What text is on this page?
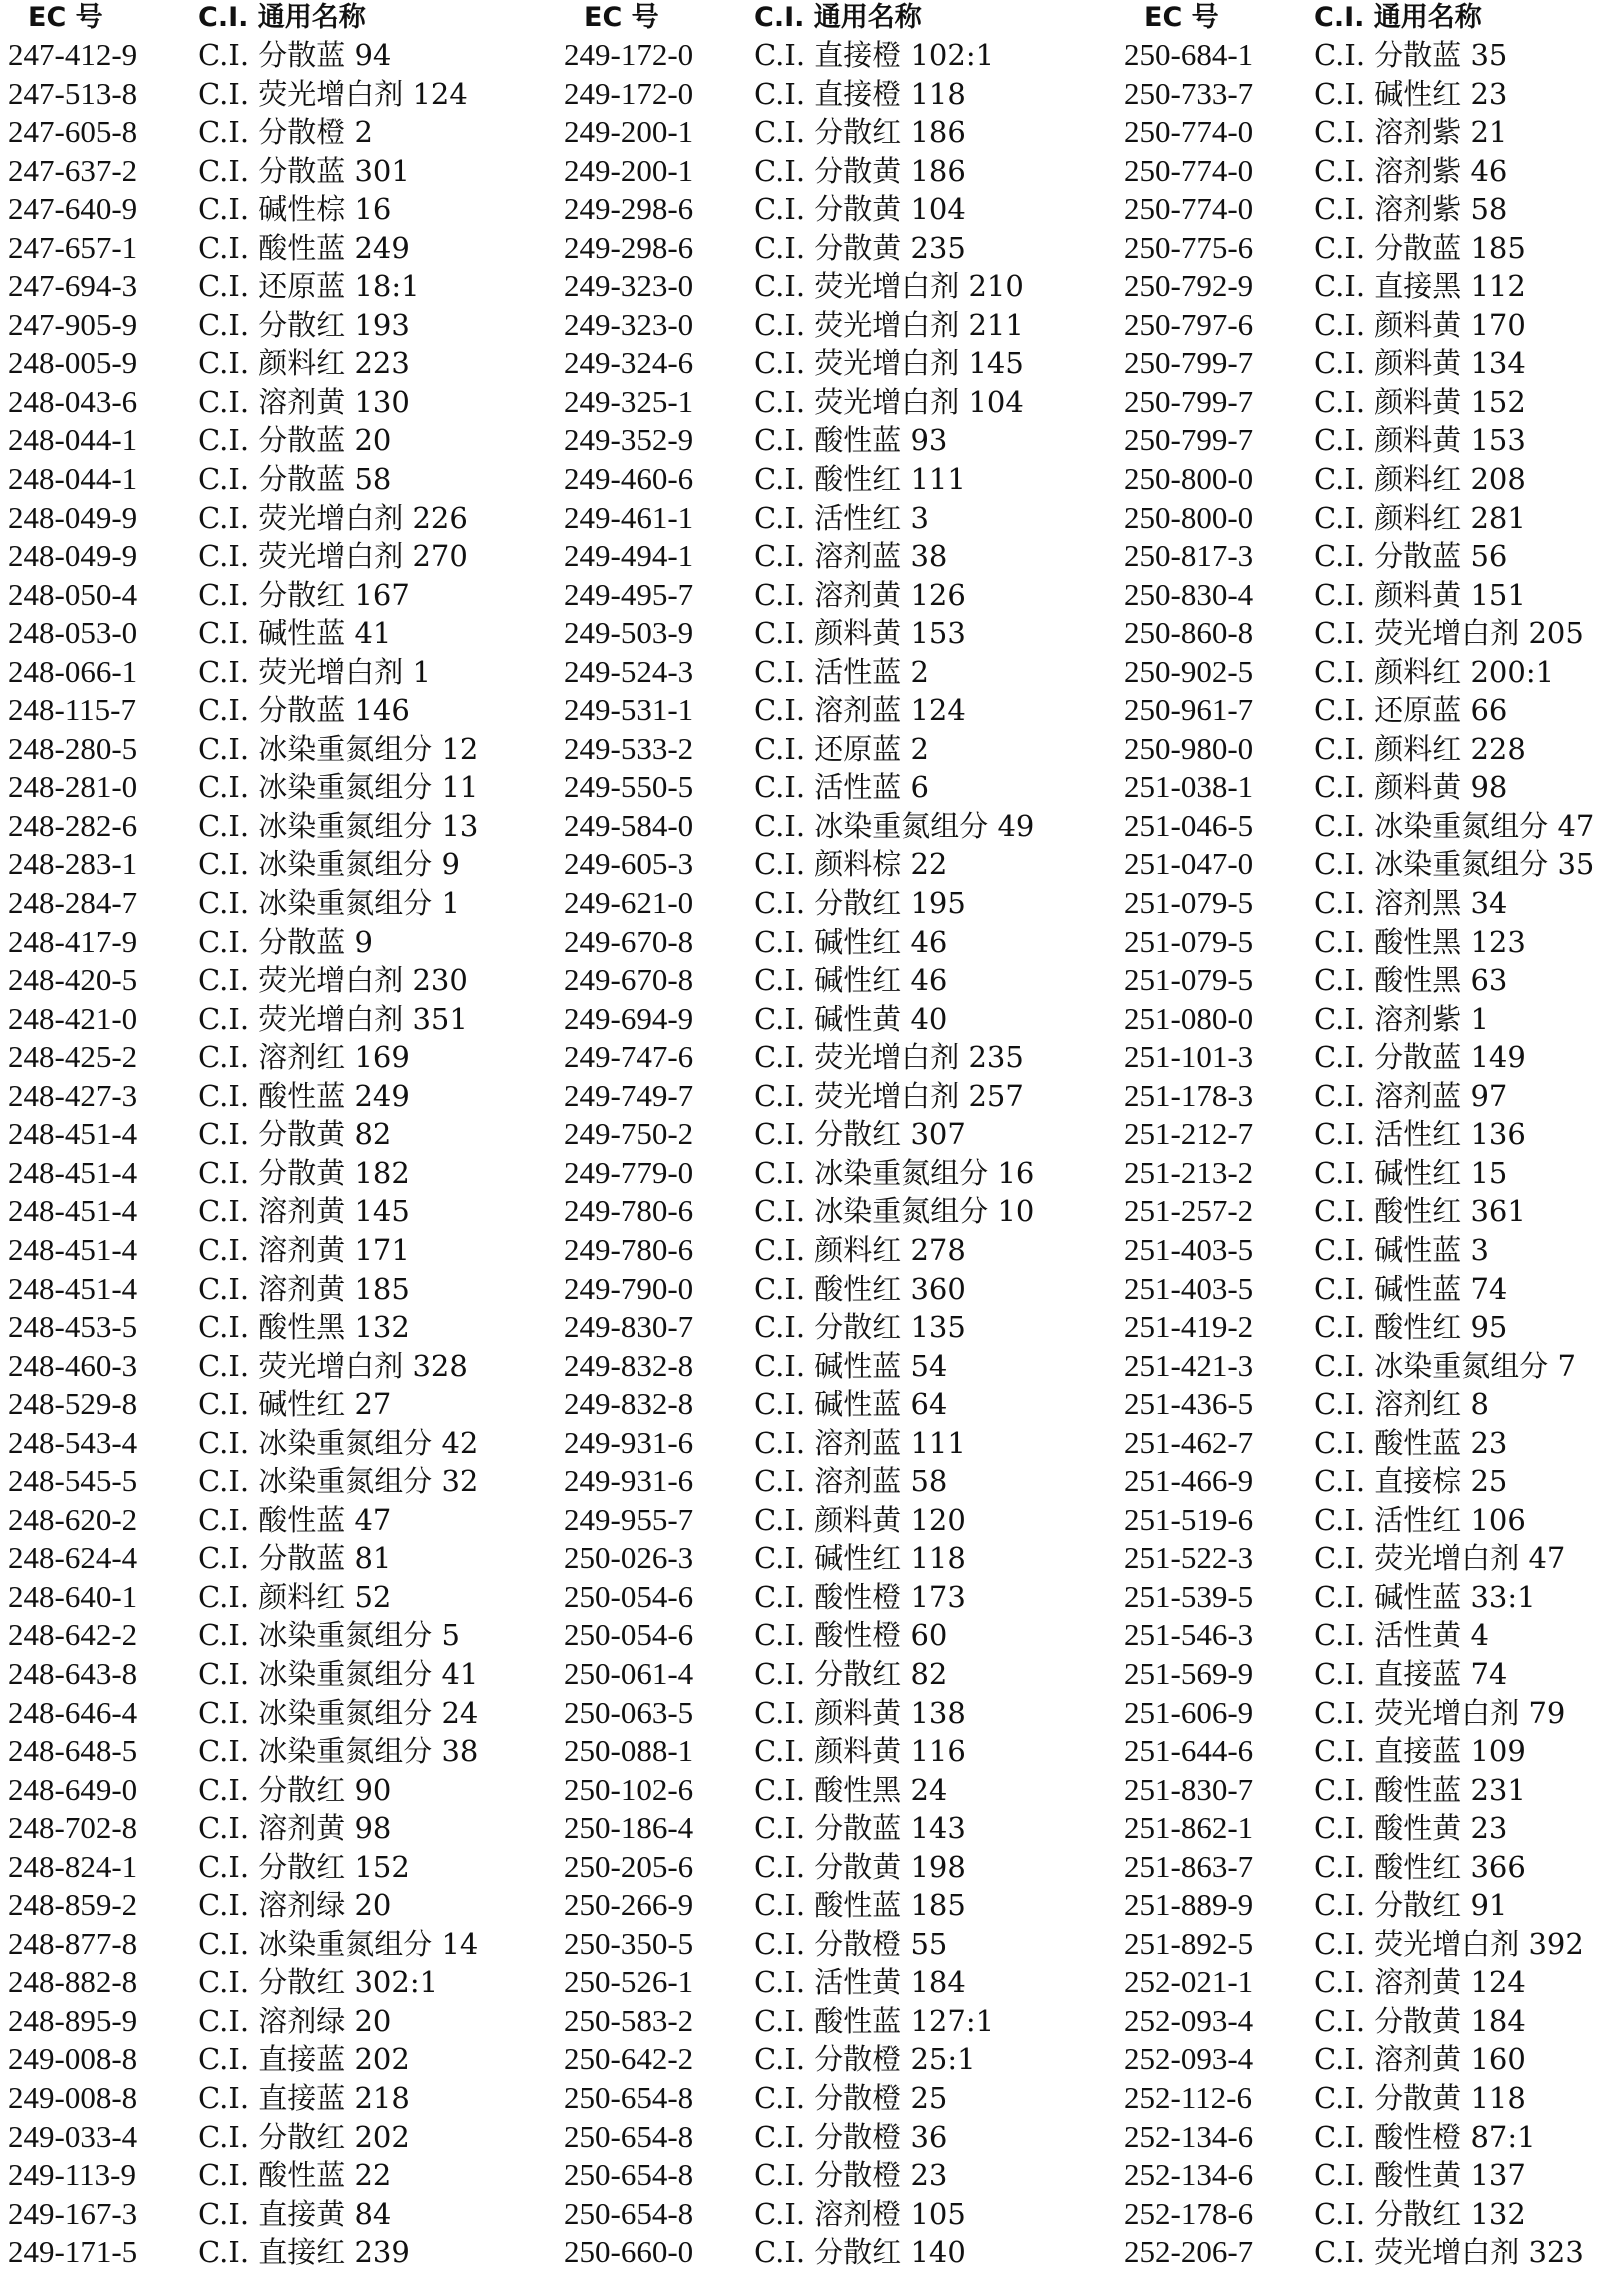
EC 号	C.I. 通用名称
247-412-9 C.I. 分散蓝 94
247-513-8 C.I. 荧光增白剂 124
247-605-8 C.I. 分散橙 2
247-637-2 C.I. 分散蓝 301
247-640-9 C.I. 碱性棕 16
247-657-1 C.I. 酸性蓝 249
247-694-3 C.I. 还原蓝 18:1
247-905-9 C.I. 分散红 193
248-005-9 C.I. 颜料红 223
248-043-6 C.I. 溶剂黄 130
248-044-1 C.I. 分散蓝 20
248-044-1 C.I. 分散蓝 58
248-049-9 C.I. 荧光增白剂 226
248-049-9 C.I. 荧光增白剂 270
248-050-4 C.I. 分散红 167
248-053-0 C.I. 碱性蓝 41
248-066-1 C.I. 荧光增白剂 1
248-115-7 C.I. 分散蓝 146
248-280-5 C.I. 冰染重氮组分 12
248-281-0 C.I. 冰染重氮组分 11
248-282-6 C.I. 冰染重氮组分 13
248-283-1 C.I. 冰染重氮组分 9
248-284-7 C.I. 冰染重氮组分 1
248-417-9 C.I. 分散蓝 9
248-420-5 C.I. 荧光增白剂 230
248-421-0 C.I. 荧光增白剂 351
248-425-2 C.I. 溶剂红 169
248-427-3 C.I. 酸性蓝 249
248-451-4 C.I. 分散黄 82
248-451-4 C.I. 分散黄 182
248-451-4 C.I. 溶剂黄 145
248-451-4 C.I. 溶剂黄 171
248-451-4 C.I. 溶剂黄 185
248-453-5 C.I. 酸性黑 132
248-460-3 C.I. 荧光增白剂 328
248-529-8 C.I. 碱性红 27
248-543-4 C.I. 冰染重氮组分 42
248-545-5 C.I. 冰染重氮组分 32
248-620-2 C.I. 酸性蓝 47
248-624-4 C.I. 分散蓝 81
248-640-1 C.I. 颜料红 52
248-642-2 C.I. 冰染重氮组分 5
248-643-8 C.I. 冰染重氮组分 41
248-646-4 C.I. 冰染重氮组分 24
248-648-5 C.I. 冰染重氮组分 38
248-649-0 C.I. 分散红 90
248-702-8 C.I. 溶剂黄 98
248-824-1 C.I. 分散红 152
248-859-2 C.I. 溶剂绿 20
248-877-8 C.I. 冰染重氮组分 14
248-882-8 C.I. 分散红 302:1
248-895-9 C.I. 溶剂绿 20
249-008-8 C.I. 直接蓝 202
249-008-8 C.I. 直接蓝 218
249-033-4 C.I. 分散红 202
249-113-9 C.I. 酸性蓝 22
249-167-3 C.I. 直接黄 84
249-171-5 C.I. 直接红 239
EC 号	C.I. 通用名称
249-172-0 C.I. 直接橙 102:1
249-172-0 C.I. 直接橙 118
249-200-1 C.I. 分散红 186
249-200-1 C.I. 分散黄 186
249-298-6 C.I. 分散黄 104
249-298-6 C.I. 分散黄 235
249-323-0 C.I. 荧光增白剂 210
249-323-0 C.I. 荧光增白剂 211
249-324-6 C.I. 荧光增白剂 145
249-325-1 C.I. 荧光增白剂 104
249-352-9 C.I. 酸性蓝 93
249-460-6 C.I. 酸性红 111
249-461-1 C.I. 活性红 3
249-494-1 C.I. 溶剂蓝 38
249-495-7 C.I. 溶剂黄 126
249-503-9 C.I. 颜料黄 153
249-524-3 C.I. 活性蓝 2
249-531-1 C.I. 溶剂蓝 124
249-533-2 C.I. 还原蓝 2
249-550-5 C.I. 活性蓝 6
249-584-0 C.I. 冰染重氮组分 49
249-605-3 C.I. 颜料棕 22
249-621-0 C.I. 分散红 195
249-670-8 C.I. 碱性红 46
249-670-8 C.I. 碱性红 46
249-694-9 C.I. 碱性黄 40
249-747-6 C.I. 荧光增白剂 235
249-749-7 C.I. 荧光增白剂 257
249-750-2 C.I. 分散红 307
249-779-0 C.I. 冰染重氮组分 16
249-780-6 C.I. 冰染重氮组分 10
249-780-6 C.I. 颜料红 278
249-790-0 C.I. 酸性红 360
249-830-7 C.I. 分散红 135
249-832-8 C.I. 碱性蓝 54
249-832-8 C.I. 碱性蓝 64
249-931-6 C.I. 溶剂蓝 111
249-931-6 C.I. 溶剂蓝 58
249-955-7 C.I. 颜料黄 120
250-026-3 C.I. 碱性红 118
250-054-6 C.I. 酸性橙 173
250-054-6 C.I. 酸性橙 60
250-061-4 C.I. 分散红 82
250-063-5 C.I. 颜料黄 138
250-088-1 C.I. 颜料黄 116
250-102-6 C.I. 酸性黑 24
250-186-4 C.I. 分散蓝 143
250-205-6 C.I. 分散黄 198
250-266-9 C.I. 酸性蓝 185
250-350-5 C.I. 分散橙 55
250-526-1 C.I. 活性黄 184
250-583-2 C.I. 酸性蓝 127:1
250-642-2 C.I. 分散橙 25:1
250-654-8 C.I. 分散橙 25
250-654-8 C.I. 分散橙 36
250-654-8 C.I. 分散橙 23
250-654-8 C.I. 溶剂橙 105
250-660-0 C.I. 分散红 140
EC 号	C.I. 通用名称
250-684-1 C.I. 分散蓝 35
250-733-7 C.I. 碱性红 23
250-774-0 C.I. 溶剂紫 21
250-774-0 C.I. 溶剂紫 46
250-774-0 C.I. 溶剂紫 58
250-775-6 C.I. 分散蓝 185
250-792-9 C.I. 直接黑 112
250-797-6 C.I. 颜料黄 170
250-799-7 C.I. 颜料黄 134
250-799-7 C.I. 颜料黄 152
250-799-7 C.I. 颜料黄 153
250-800-0 C.I. 颜料红 208
250-800-0 C.I. 颜料红 281
250-817-3 C.I. 分散蓝 56
250-830-4 C.I. 颜料黄 151
250-860-8 C.I. 荧光增白剂 205
250-902-5 C.I. 颜料红 200:1
250-961-7 C.I. 还原蓝 66
250-980-0 C.I. 颜料红 228
251-038-1 C.I. 颜料黄 98
251-046-5 C.I. 冰染重氮组分 47
251-047-0 C.I. 冰染重氮组分 35
251-079-5 C.I. 溶剂黑 34
251-079-5 C.I. 酸性黑 123
251-079-5 C.I. 酸性黑 63
251-080-0 C.I. 溶剂紫 1
251-101-3 C.I. 分散蓝 149
251-178-3 C.I. 溶剂蓝 97
251-212-7 C.I. 活性红 136
251-213-2 C.I. 碱性红 15
251-257-2 C.I. 酸性红 361
251-403-5 C.I. 碱性蓝 3
251-403-5 C.I. 碱性蓝 74
251-419-2 C.I. 酸性红 95
251-421-3 C.I. 冰染重氮组分 7
251-436-5 C.I. 溶剂红 8
251-462-7 C.I. 酸性蓝 23
251-466-9 C.I. 直接棕 25
251-519-6 C.I. 活性红 106
251-522-3 C.I. 荧光增白剂 47
251-539-5 C.I. 碱性蓝 33:1
251-546-3 C.I. 活性黄 4
251-569-9 C.I. 直接蓝 74
251-606-9 C.I. 荧光增白剂 79
251-644-6 C.I. 直接蓝 109
251-830-7 C.I. 酸性蓝 231
251-862-1 C.I. 酸性黄 23
251-863-7 C.I. 酸性红 366
251-889-9 C.I. 分散红 91
251-892-5 C.I. 荧光增白剂 392
252-021-1 C.I. 溶剂黄 124
252-093-4 C.I. 分散黄 184
252-093-4 C.I. 溶剂黄 160
252-112-6 C.I. 分散黄 118
252-134-6 C.I. 酸性橙 87:1
252-134-6 C.I. 酸性黄 137
252-178-6 C.I. 分散红 132
252-206-7 C.I. 荧光增白剂 323
